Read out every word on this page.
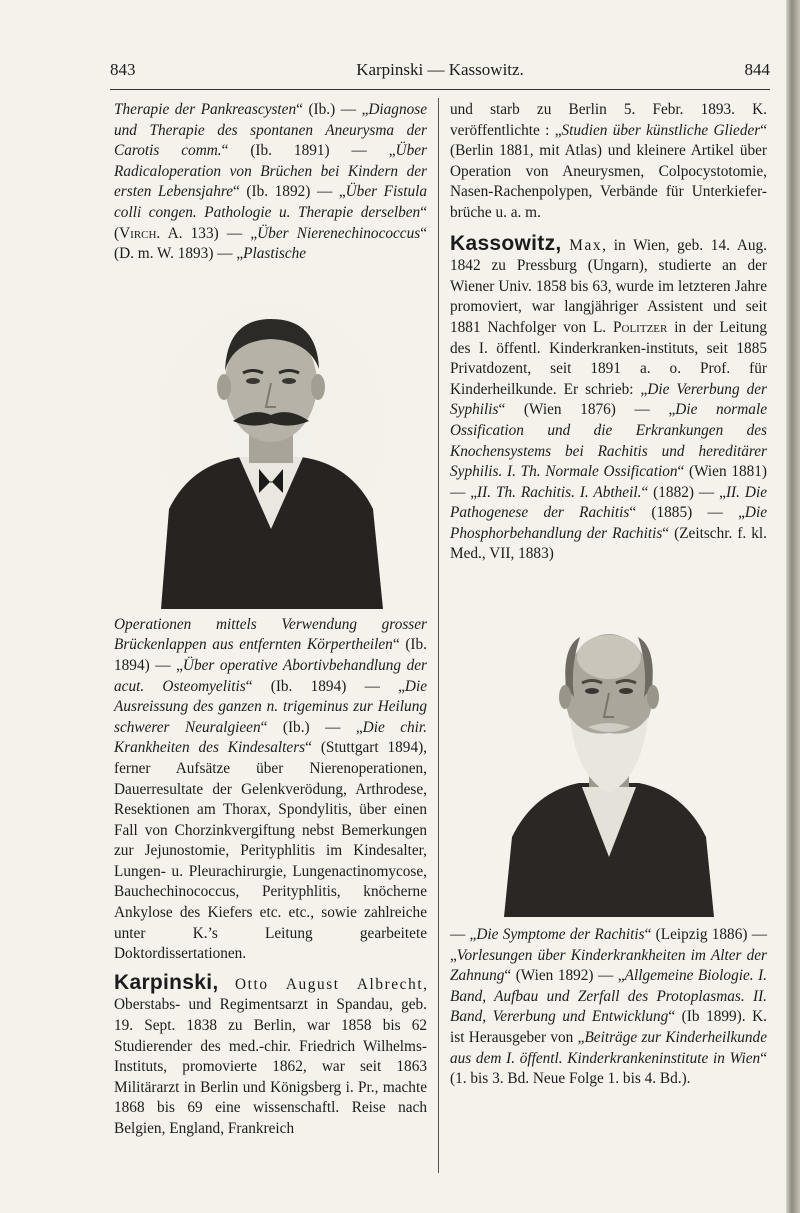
843	Karpinski — Kassowitz.	844

Therapie der Pankreascysten“ (Ib.) — „Diagnose und Therapie des spontanen Aneurysma der Carotis comm.“ (Ib. 1891) — „Über Radicaloperation von Brüchen bei Kindern der ersten Lebensjahre“ (Ib. 1892) — „Über Fistula colli congen. Pathologie u. Therapie derselben“ (Virch. A. 133) — „Über Nierenechinococcus“ (D. m. W. 1893) — „Plastische

Operationen mittels Verwendung grosser Brückenlappen aus entfernten Körpertheilen“ (Ib. 1894) — „Über operative Abortivbehandlung der acut. Osteomyelitis“ (Ib. 1894) — „Die Ausreissung des ganzen n. trigeminus zur Heilung schwerer Neuralgieen“ (Ib.) — „Die chir. Krankheiten des Kindesalters“ (Stuttgart 1894), ferner Aufsätze über Nierenoperationen, Dauerresultate der Gelenkverödung, Arthrodese, Resektionen am Thorax, Spondylitis, über einen Fall von Chorzinkvergiftung nebst Bemerkungen zur Jejunostomie, Perityphlitis im Kindesalter, Lungen- u. Pleurachirurgie, Lungenactinomycose, Bauchechinococcus, Perityphlitis, knöcherne Ankylose des Kiefers etc. etc., sowie zahlreiche unter K.’s Leitung gearbeitete Doktordissertationen.

Karpinski, Otto August Albrecht, Oberstabs- und Regimentsarzt in Spandau, geb. 19. Sept. 1838 zu Berlin, war 1858 bis 62 Studierender des med.-chir. Friedrich Wilhelms-Instituts, promovierte 1862, war seit 1863 Militärarzt in Berlin und Königsberg i. Pr., machte 1868 bis 69 eine wissenschaftl. Reise nach Belgien, England, Frankreich

und starb zu Berlin 5. Febr. 1893. K. veröffentlichte : „Studien über künstliche Glieder“ (Berlin 1881, mit Atlas) und kleinere Artikel über Operation von Aneurysmen, Colpocystotomie, Nasen-Rachenpolypen, Verbände für Unterkiefer-brüche u. a. m.

Kassowitz, Max, in Wien, geb. 14. Aug. 1842 zu Pressburg (Ungarn), studierte an der Wiener Univ. 1858 bis 63, wurde im letzteren Jahre promoviert, war langjähriger Assistent und seit 1881 Nachfolger von L. Politzer in der Leitung des I. öffentl. Kinderkranken-instituts, seit 1885 Privatdozent, seit 1891 a. o. Prof. für Kinderheilkunde. Er schrieb: „Die Vererbung der Syphilis“ (Wien 1876) — „Die normale Ossification und die Erkrankungen des Knochensystems bei Rachitis und hereditärer Syphilis. I. Th. Normale Ossification“ (Wien 1881) — „II. Th. Rachitis. I. Abtheil.“ (1882) — „II. Die Pathogenese der Rachitis“ (1885) — „Die Phosphorbehandlung der Rachitis“ (Zeitschr. f. kl. Med., VII, 1883)

— „Die Symptome der Rachitis“ (Leipzig 1886) — „Vorlesungen über Kinderkrankheiten im Alter der Zahnung“ (Wien 1892) — „Allgemeine Biologie. I. Band, Aufbau und Zerfall des Protoplasmas. II. Band, Vererbung und Entwicklung“ (Ib 1899). K. ist Herausgeber von „Beiträge zur Kinderheilkunde aus dem I. öffentl. Kinderkrankeninstitute in Wien“ (1. bis 3. Bd. Neue Folge 1. bis 4. Bd.).
